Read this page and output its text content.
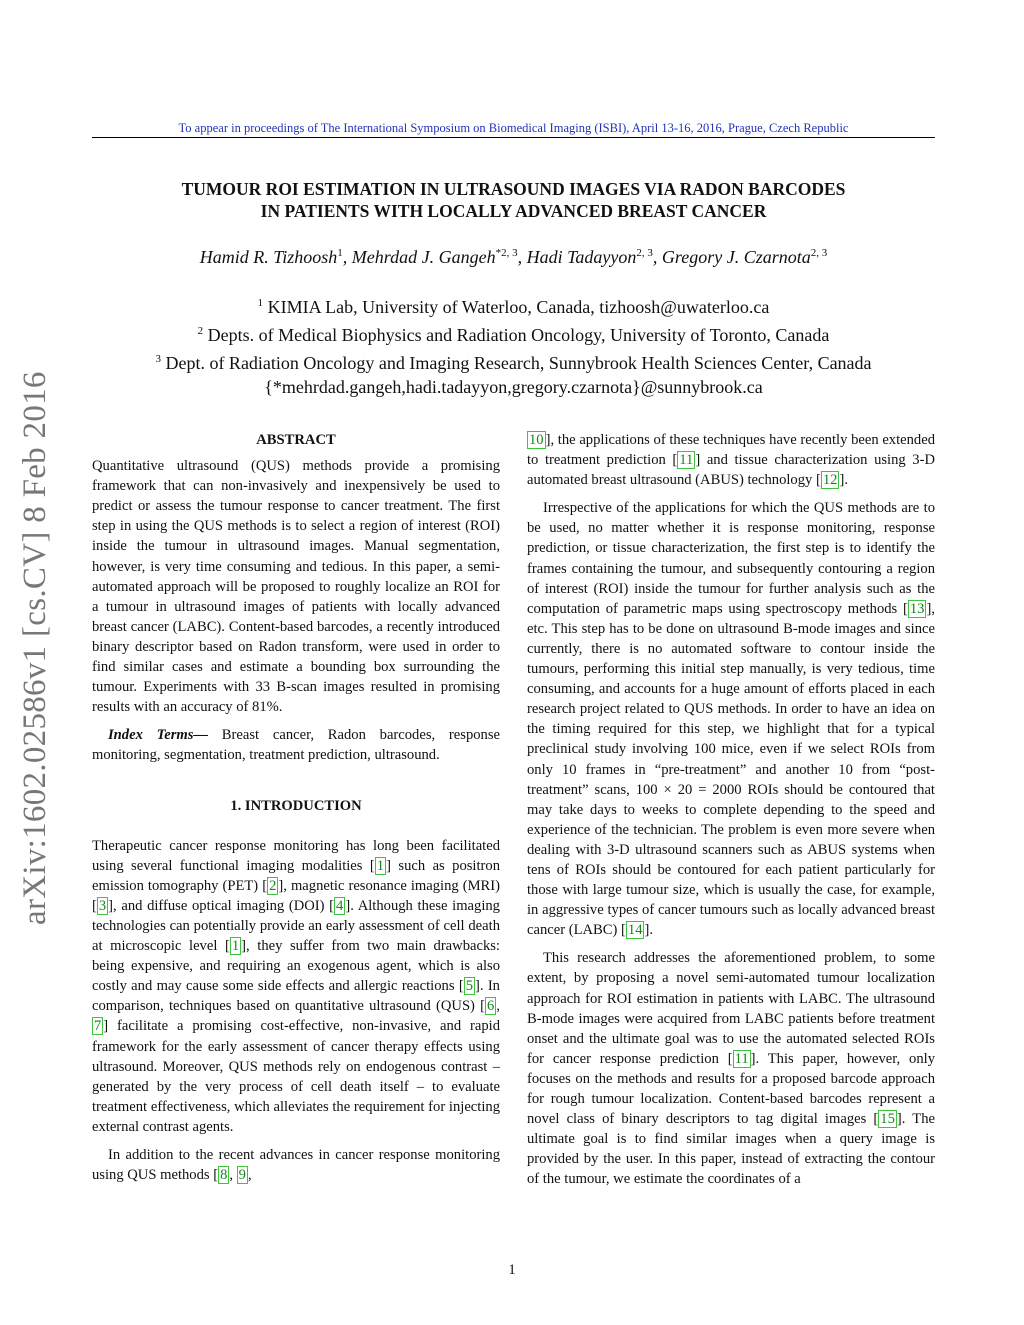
To appear in proceedings of The International Symposium on Biomedical Imaging (ISBI), April 13-16, 2016, Prague, Czech Republic
TUMOUR ROI ESTIMATION IN ULTRASOUND IMAGES VIA RADON BARCODES
IN PATIENTS WITH LOCALLY ADVANCED BREAST CANCER
Hamid R. Tizhoosh$^1$, Mehrdad J. Gangeh$^{*2, 3}$, Hadi Tadayyon$^{2, 3}$, Gregory J. Czarnota$^{2, 3}$
$^1$ KIMIA Lab, University of Waterloo, Canada, tizhoosh@uwaterloo.ca
$^2$ Depts. of Medical Biophysics and Radiation Oncology, University of Toronto, Canada
$^3$ Dept. of Radiation Oncology and Imaging Research, Sunnybrook Health Sciences Center, Canada
{*mehrdad.gangeh,hadi.tadayyon,gregory.czarnota}@sunnybrook.ca
arXiv:1602.02586v1 [cs.CV] 8 Feb 2016	ABSTRACT

Quantitative ultrasound (QUS) methods provide a promising framework that can non-invasively and inexpensively be used to predict or assess the tumour response to cancer treatment. The first step in using the QUS methods is to select a region of interest (ROI) inside the tumour in ultrasound images. Manual segmentation, however, is very time consuming and tedious. In this paper, a semi-automated approach will be proposed to roughly localize an ROI for a tumour in ultrasound images of patients with locally advanced breast cancer (LABC). Content-based barcodes, a recently introduced binary descriptor based on Radon transform, were used in order to find similar cases and estimate a bounding box surrounding the tumour. Experiments with 33 B-scan images resulted in promising results with an accuracy of 81%.

Index Terms— Breast cancer, Radon barcodes, response monitoring, segmentation, treatment prediction, ultrasound.

1. INTRODUCTION

Therapeutic cancer response monitoring has long been facilitated using several functional imaging modalities [ 1 ] such as positron emission tomography (PET) [ 2 ], magnetic resonance imaging (MRI) [ 3 ], and diffuse optical imaging (DOI) [ 4 ]. Although these imaging technologies can potentially provide an early assessment of cell death at microscopic level [ 1 ], they suffer from two main drawbacks: being expensive, and requiring an exogenous agent, which is also costly and may cause some side effects and allergic reactions [ 5 ]. In comparison, techniques based on quantitative ultrasound (QUS) [ 6 , 7 ] facilitate a promising cost-effective, non-invasive, and rapid framework for the early assessment of cancer therapy effects using ultrasound. Moreover, QUS methods rely on endogenous contrast – generated by the very process of cell death itself – to evaluate treatment effectiveness, which alleviates the requirement for injecting external contrast agents.

In addition to the recent advances in cancer response monitoring using QUS methods [ 8 , 9 ,

10 ], the applications of these techniques have recently been extended to treatment prediction [ 11 ] and tissue characterization using 3-D automated breast ultrasound (ABUS) technology [ 12 ].

Irrespective of the applications for which the QUS methods are to be used, no matter whether it is response monitoring, response prediction, or tissue characterization, the first step is to identify the frames containing the tumour, and subsequently contouring a region of interest (ROI) inside the tumour for further analysis such as the computation of parametric maps using spectroscopy methods [ 13 ], etc. This step has to be done on ultrasound B-mode images and since currently, there is no automated software to contour inside the tumours, performing this initial step manually, is very tedious, time consuming, and accounts for a huge amount of efforts placed in each research project related to QUS methods. In order to have an idea on the timing required for this step, we highlight that for a typical preclinical study involving 100 mice, even if we select ROIs from only 10 frames in “pre-treatment” and another 10 from “post-treatment” scans, 100 × 20 = 2000 ROIs should be contoured that may take days to weeks to complete depending to the speed and experience of the technician. The problem is even more severe when dealing with 3-D ultrasound scanners such as ABUS systems when tens of ROIs should be contoured for each patient particularly for those with large tumour size, which is usually the case, for example, in aggressive types of cancer tumours such as locally advanced breast cancer (LABC) [ 14 ].

This research addresses the aforementioned problem, to some extent, by proposing a novel semi-automated tumour localization approach for ROI estimation in patients with LABC. The ultrasound B-mode images were acquired from LABC patients before treatment onset and the ultimate goal was to use the automated selected ROIs for cancer response prediction [ 11 ]. This paper, however, only focuses on the methods and results for a proposed barcode approach for rough tumour localization. Content-based barcodes represent a novel class of binary descriptors to tag digital images [ 15 ]. The ultimate goal is to find similar images when a query image is provided by the user. In this paper, instead of extracting the contour of the tumour, we estimate the coordinates of a

1
